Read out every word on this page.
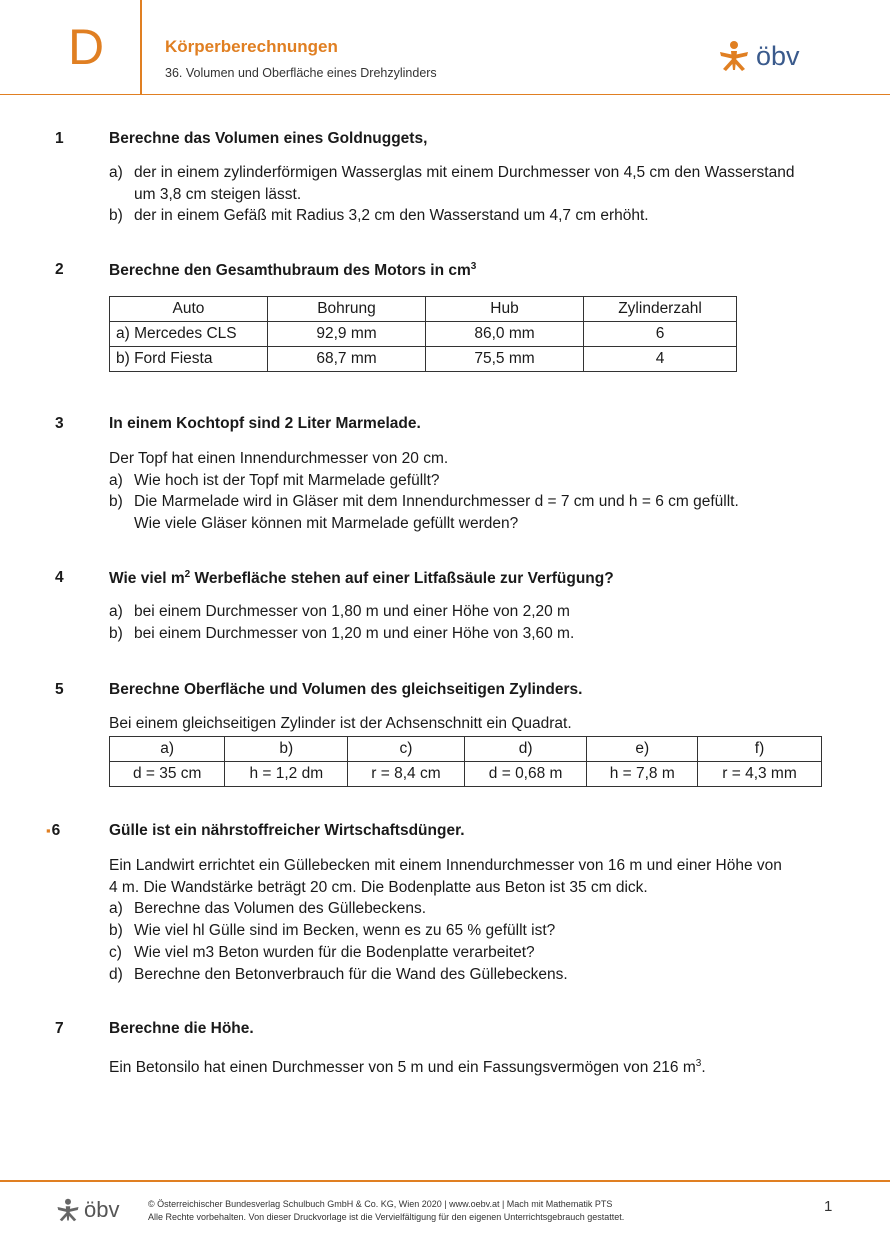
D	Körperberechnungen
36. Volumen und Oberfläche eines Drehzylinders
öbv
1	Berechne das Volumen eines Goldnuggets,
a) der in einem zylinderförmigen Wasserglas mit einem Durchmesser von 4,5 cm den Wasserstand
um 3,8 cm steigen lässt.
b) der in einem Gefäß mit Radius 3,2 cm den Wasserstand um 4,7 cm erhöht.
2	Berechne den Gesamthubraum des Motors in $cm^3$
Auto	Bohrung	Hub	Zylinderzahl
a) Mercedes CLS	92,9 mm	86,0 mm	6
b) Ford Fiesta	68,7 mm	75,5 mm	4
3	In einem Kochtopf sind 2 Liter Marmelade.
Der Topf hat einen Innendurchmesser von 20 cm.
a) Wie hoch ist der Topf mit Marmelade gefüllt?
b) Die Marmelade wird in Gläser mit dem Innendurchmesser d = 7 cm und h = 6 cm gefüllt.
Wie viele Gläser können mit Marmelade gefüllt werden?
4	Wie viel $m^2$ Werbefläche stehen auf einer Litfaßsäule zur Verfügung?
a) bei einem Durchmesser von 1,80 m und einer Höhe von 2,20 m
b) bei einem Durchmesser von 1,20 m und einer Höhe von 3,60 m.
5	Berechne Oberfläche und Volumen des gleichseitigen Zylinders.
Bei einem gleichseitigen Zylinder ist der Achsenschnitt ein Quadrat.
a)	b)	c)	d)	e)	f)
d = 35 cm	h = 1,2 dm	r = 8,4 cm	d = 0,68 m	h = 7,8 m	r = 4,3 mm
▪6	Gülle ist ein nährstoffreicher Wirtschaftsdünger.
Ein Landwirt errichtet ein Güllebecken mit einem Innendurchmesser von 16 m und einer Höhe von
4 m. Die Wandstärke beträgt 20 cm. Die Bodenplatte aus Beton ist 35 cm dick.
a) Berechne das Volumen des Güllebeckens.
b) Wie viel hl Gülle sind im Becken, wenn es zu 65 % gefüllt ist?
c) Wie viel m3 Beton wurden für die Bodenplatte verarbeitet?
d) Berechne den Betonverbrauch für die Wand des Güllebeckens.
7	Berechne die Höhe.
Ein Betonsilo hat einen Durchmesser von 5 m und ein Fassungsvermögen von 216 $m^3$.
öbv	© Österreichischer Bundesverlag Schulbuch GmbH & Co. KG, Wien 2020 | www.oebv.at | Mach mit Mathematik PTS
Alle Rechte vorbehalten. Von dieser Druckvorlage ist die Vervielfältigung für den eigenen Unterrichtsgebrauch gestattet.
1
